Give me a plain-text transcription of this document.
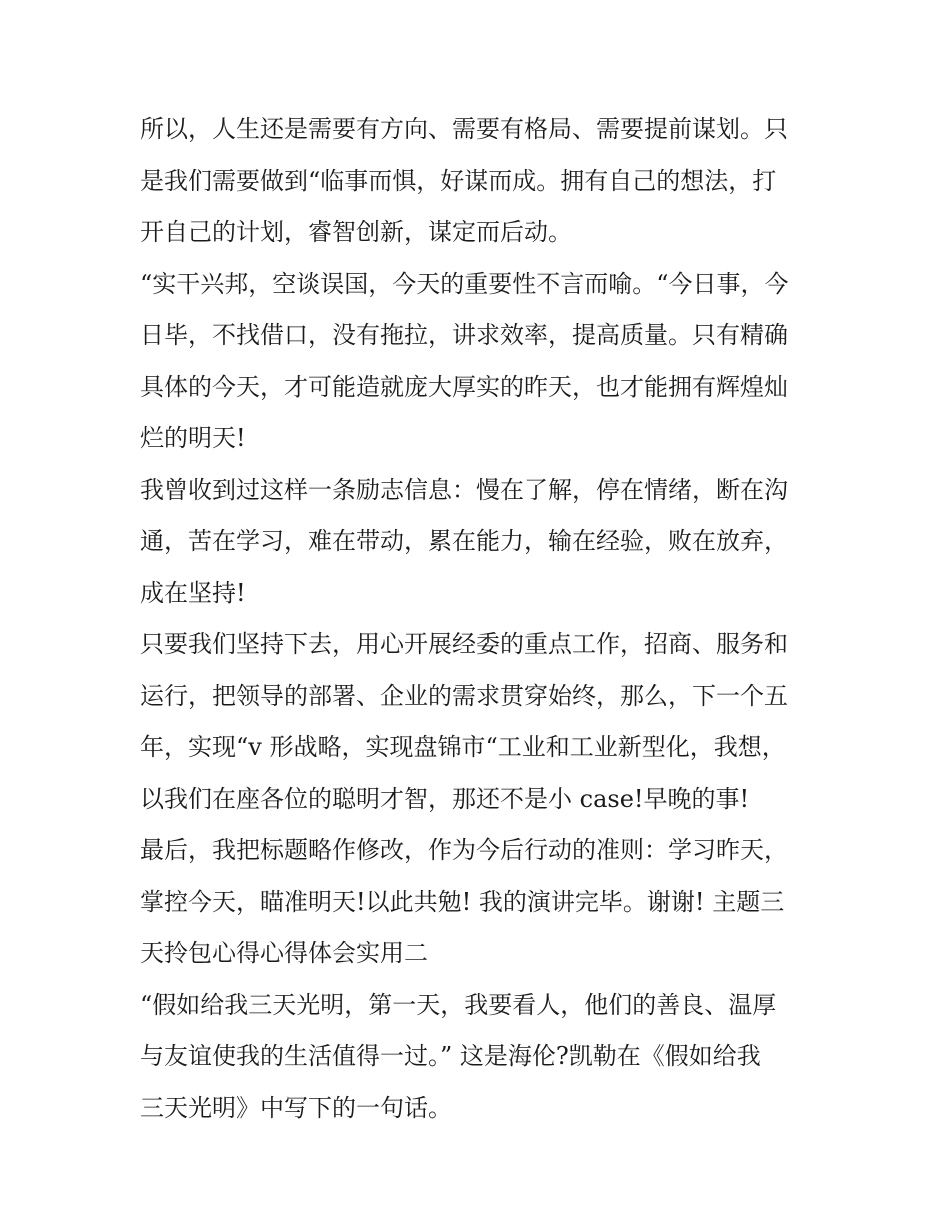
所以，人生还是需要有方向、需要有格局、需要提前谋划。只
是我们需要做到“临事而惧，好谋而成。拥有自己的想法，打
开自己的计划，睿智创新，谋定而后动。
“实干兴邦，空谈误国，今天的重要性不言而喻。“今日事，今
日毕，不找借口，没有拖拉，讲求效率，提高质量。只有精确
具体的今天，才可能造就庞大厚实的昨天，也才能拥有辉煌灿
烂的明天!
我曾收到过这样一条励志信息：慢在了解，停在情绪，断在沟
通，苦在学习，难在带动，累在能力，输在经验，败在放弃，
成在坚持!
只要我们坚持下去，用心开展经委的重点工作，招商、服务和
运行，把领导的部署、企业的需求贯穿始终，那么，下一个五
年，实现“v 形战略，实现盘锦市“工业和工业新型化，我想，
以我们在座各位的聪明才智，那还不是小 case!早晚的事!
最后，我把标题略作修改，作为今后行动的准则：学习昨天，
掌控今天，瞄准明天!以此共勉! 我的演讲完毕。谢谢! 主题三
天拎包心得心得体会实用二
“假如给我三天光明，第一天，我要看人，他们的善良、温厚
与友谊使我的生活值得一过。” 这是海伦?凯勒在《假如给我
三天光明》中写下的一句话。
